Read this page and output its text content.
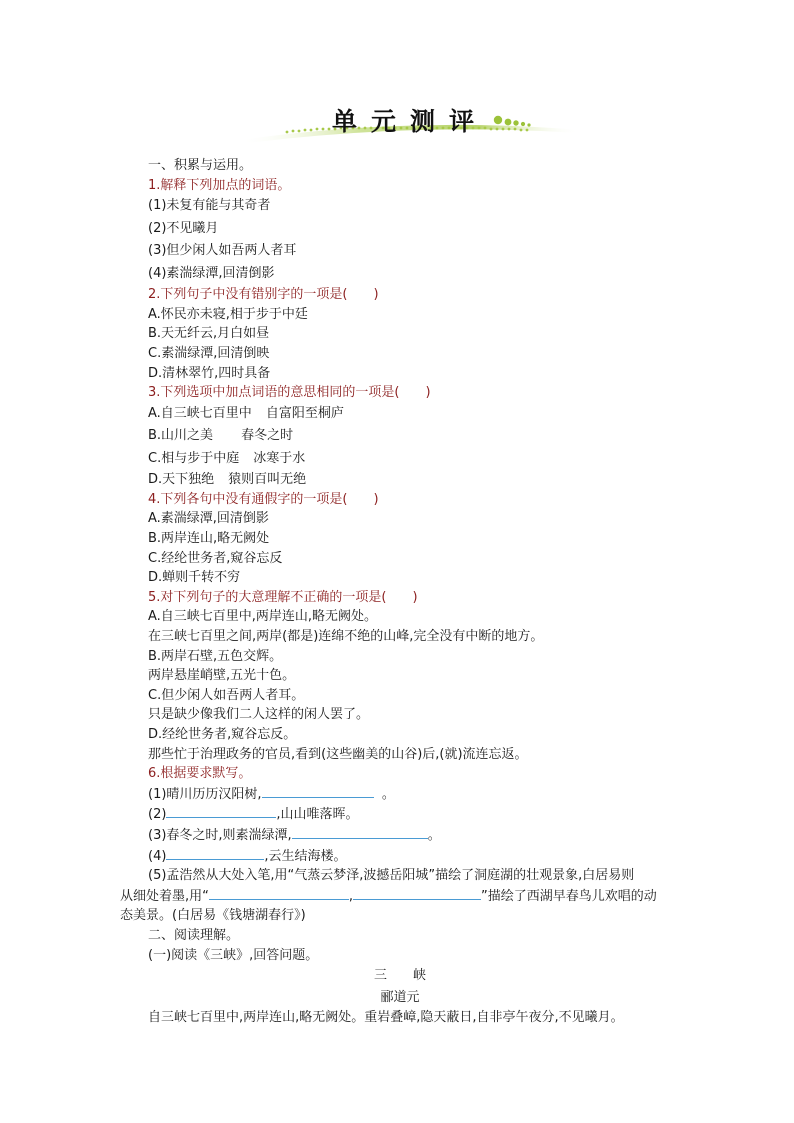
单元测评
一、积累与运用。
1.解释下列加点的词语。
(1)未复有能与其奇者
(2)不见曦月
(3)但少闲人如吾两人者耳
(4)素湍绿潭,回清倒影
2.下列句子中没有错别字的一项是(　　)
A.怀民亦未寝,相于步于中廷
B.天无纤云,月白如昼
C.素湍绿潭,回清倒映
D.清林翠竹,四时具备
3.下列选项中加点词语的意思相同的一项是(　　)
A.自三峡七百里中 自富阳至桐庐
B.山川之美 春冬之时
C.相与步于中庭 冰寒于水
D.天下独绝 猿则百叫无绝
4.下列各句中没有通假字的一项是(　　)
A.素湍绿潭,回清倒影
B.两岸连山,略无阙处
C.经纶世务者,窥谷忘反
D.蝉则千转不穷
5.对下列句子的大意理解不正确的一项是(　　)
A.自三峡七百里中,两岸连山,略无阙处。
在三峡七百里之间,两岸(都是)连绵不绝的山峰,完全没有中断的地方。
B.两岸石壁,五色交辉。
两岸悬崖峭壁,五光十色。
C.但少闲人如吾两人者耳。
只是缺少像我们二人这样的闲人罢了。
D.经纶世务者,窥谷忘反。
那些忙于治理政务的官员,看到(这些幽美的山谷)后,(就)流连忘返。
6.根据要求默写。
(1)晴川历历汉阳树,	。
(2)	,山山唯落晖。
(3)春冬之时,则素湍绿潭,	。
(4)	,云生结海楼。
(5)孟浩然从大处入笔,用“气蒸云梦泽,波撼岳阳城”描绘了洞庭湖的壮观景象,白居易则
从细处着墨,用“	,	”描绘了西湖早春鸟儿欢唱的动
态美景。(白居易《钱塘湖春行》)
二、阅读理解。
(一)阅读《三峡》,回答问题。
三　　峡
郦道元
自三峡七百里中,两岸连山,略无阙处。重岩叠嶂,隐天蔽日,自非亭午夜分,不见曦月。
